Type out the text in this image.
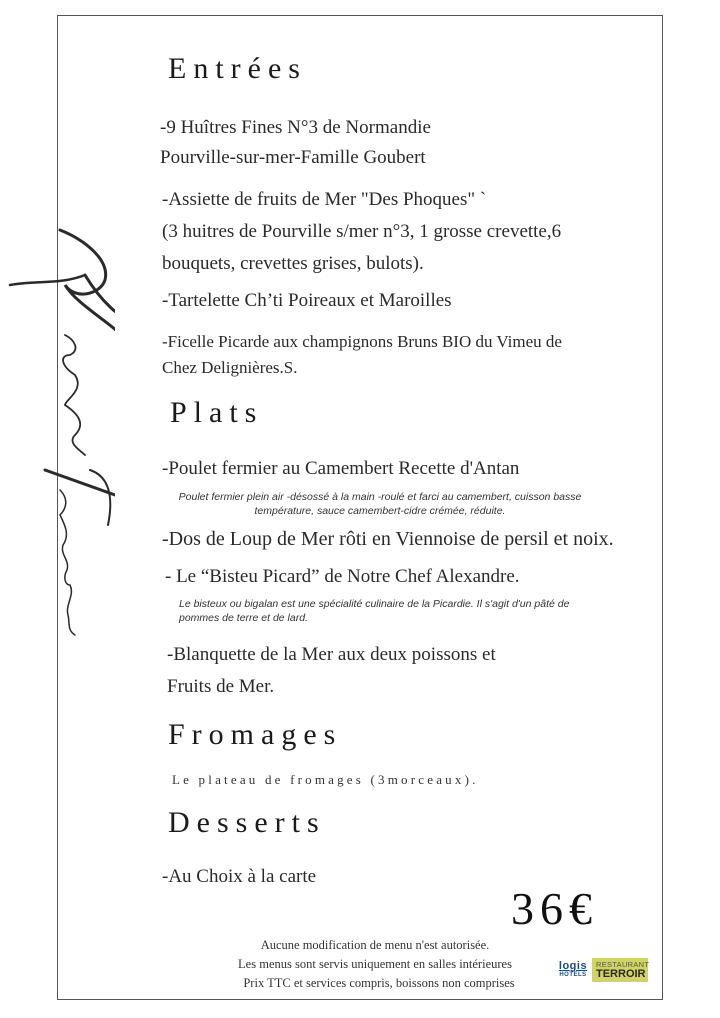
Entrées
-9 Huîtres Fines N°3 de Normandie
Pourville-sur-mer-Famille Goubert
-Assiette de fruits de Mer "Des Phoques" `
(3 huitres de Pourville s/mer n°3, 1 grosse crevette,6
bouquets, crevettes grises, bulots).
-Tartelette Ch’ti Poireaux et Maroilles
-Ficelle Picarde aux champignons Bruns BIO du Vimeu de
Chez Delignières.S.
Plats
-Poulet fermier au Camembert Recette d'Antan
Poulet fermier plein air -désossé à la main -roulé et farci au camembert, cuisson basse
température, sauce camembert-cidre crémée, réduite.
-Dos de Loup de Mer rôti en Viennoise de persil et noix.
- Le “Bisteu Picard” de Notre Chef Alexandre.
Le bisteux ou bigalan est une spécialité culinaire de la Picardie. Il s'agit d'un pâté de
pommes de terre et de lard.
-Blanquette de la Mer aux deux poissons et
Fruits de Mer.
Fromages
Le plateau de fromages (3morceaux).
Desserts
-Au Choix à la carte
36€
Aucune modification de menu n'est autorisée.
Les menus sont servis uniquement en salles intérieures
Prix TTC et services compris, boissons non comprises
logis
HOTELS
RESTAURANT
TERROIR
